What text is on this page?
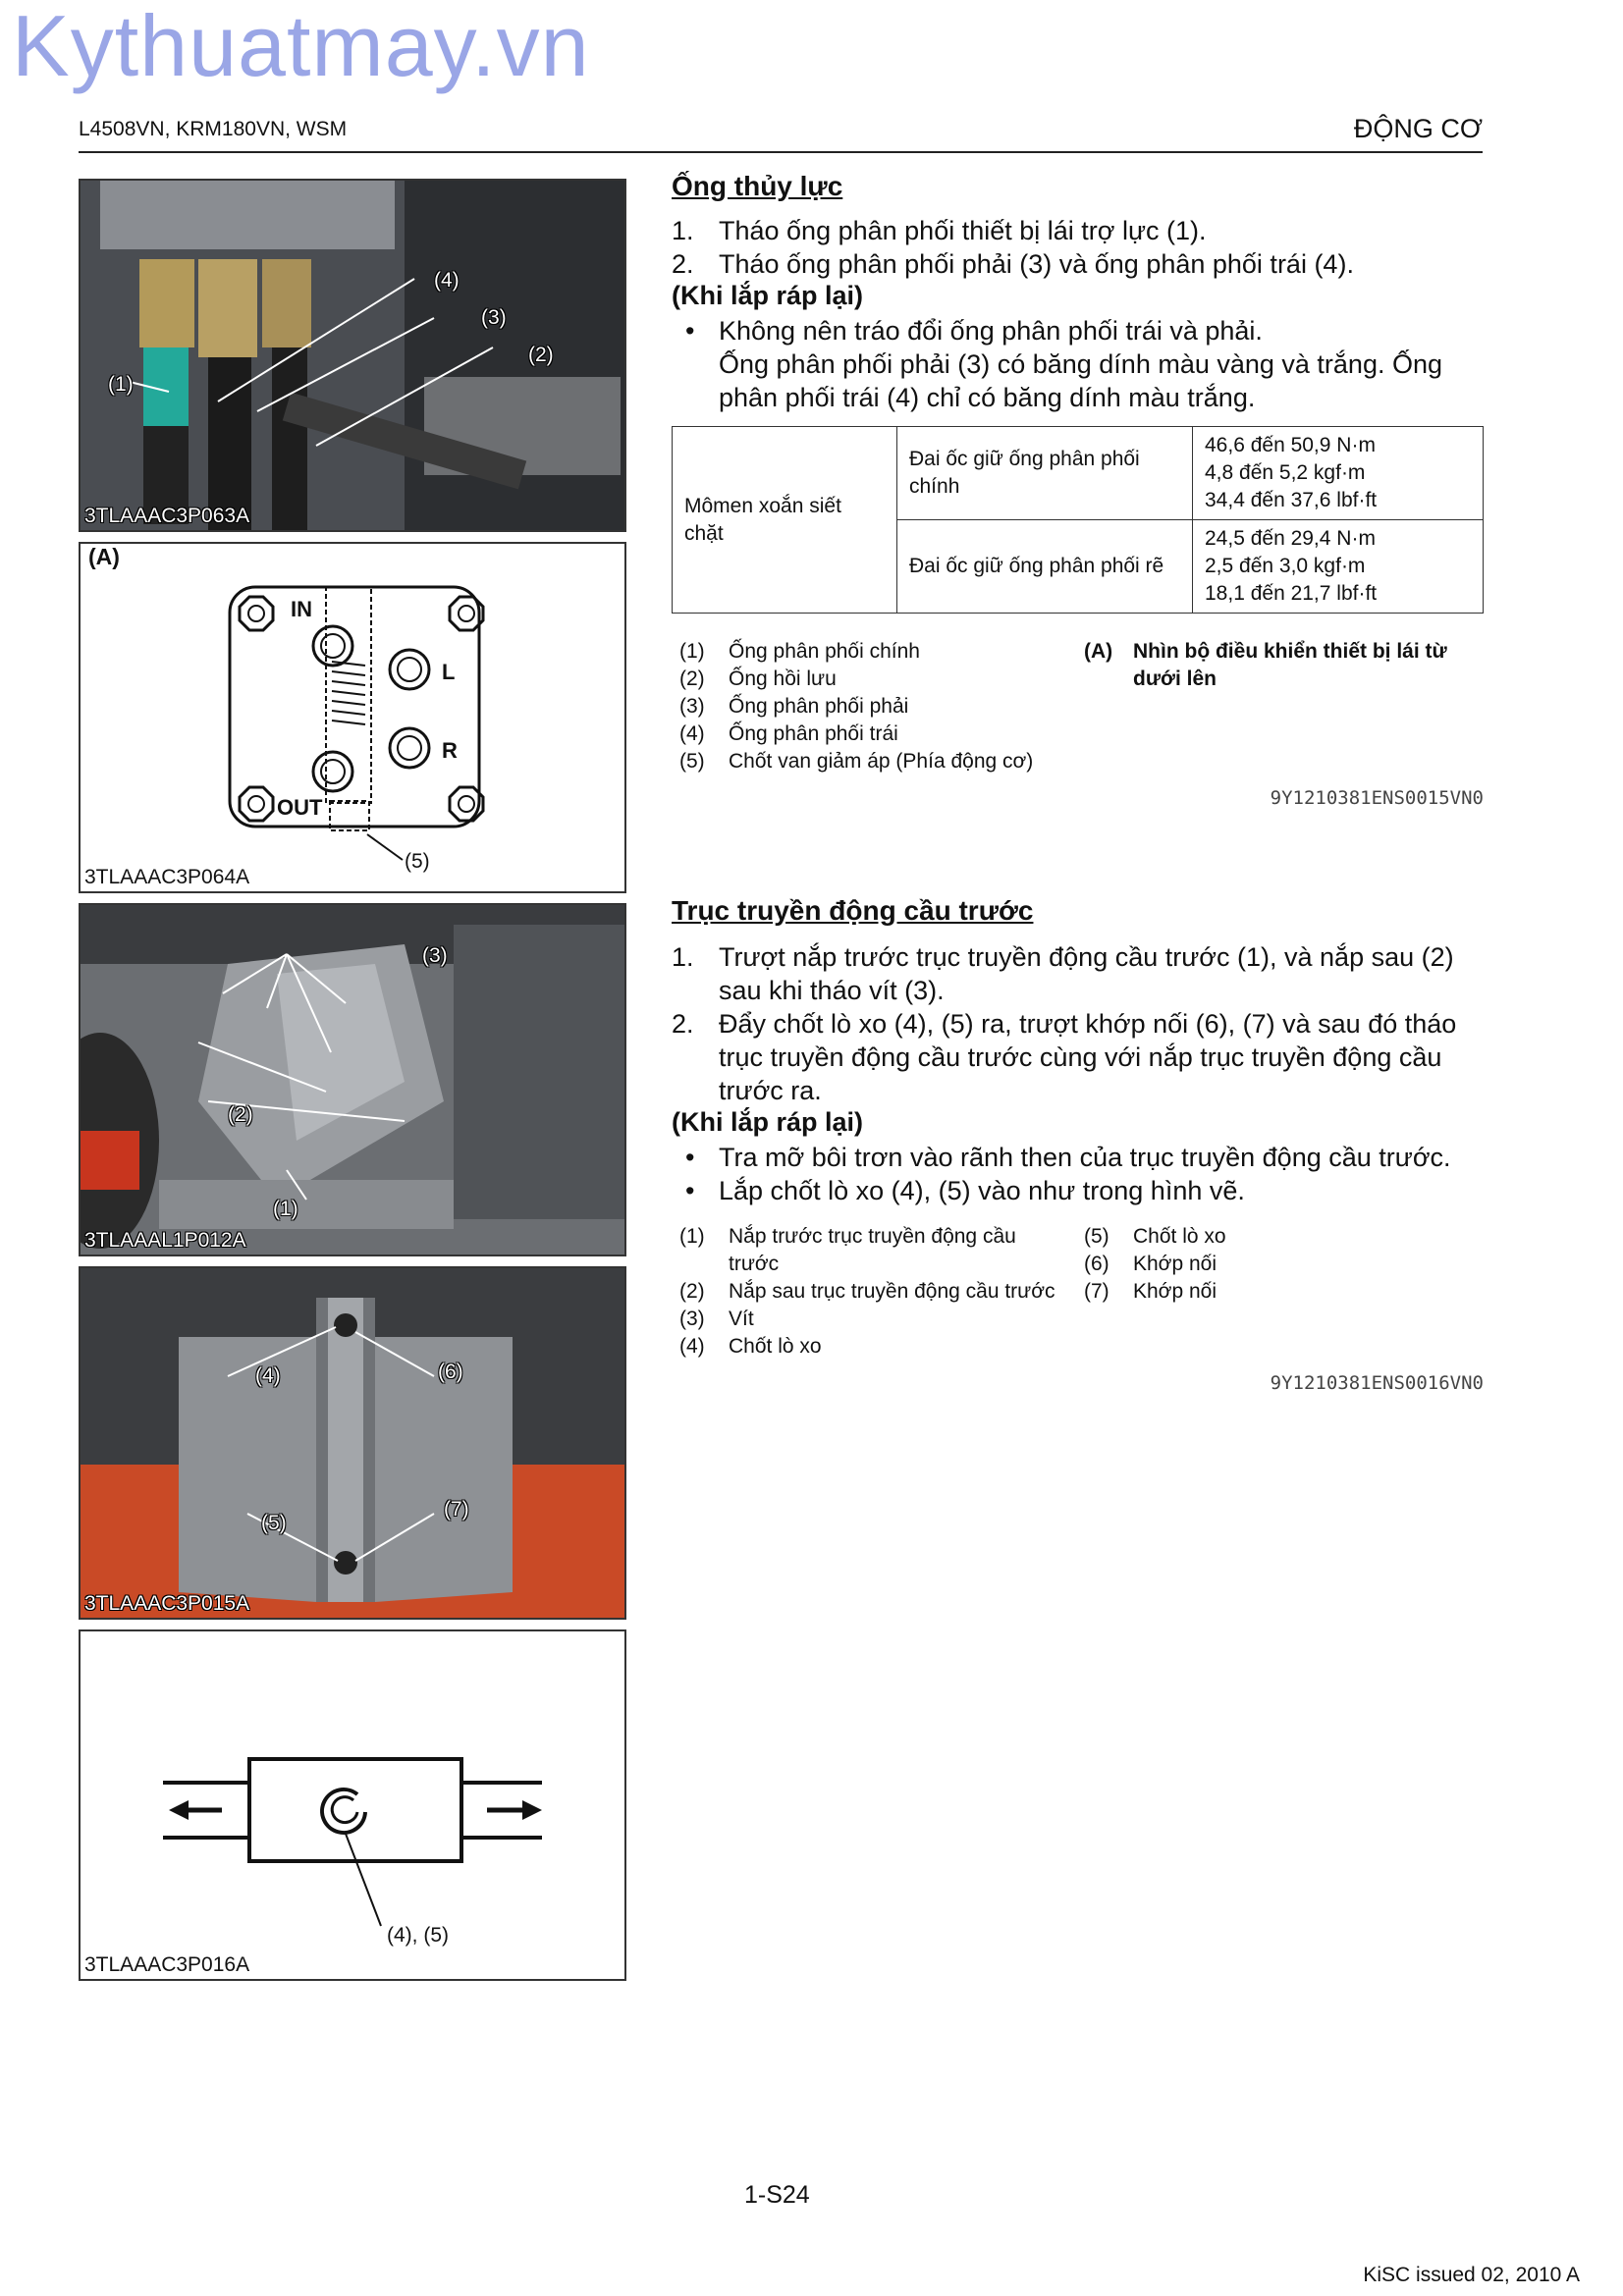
Kythuatmay.vn
L4508VN, KRM180VN, WSM	ĐỘNG CƠ
(4)
(3)
(2)
(1)
3TLAAAC3P063A
(A)
IN
L
R
OUT
(5)
3TLAAAC3P064A
(3)
(2)
(1)
3TLAAAL1P012A
(4)	(6)
(5)
(7)
3TLAAAC3P015A
(4), (5)
3TLAAAC3P016A
Ống thủy lực
1. Tháo ống phân phối thiết bị lái trợ lực (1).
2. Tháo ống phân phối phải (3) và ống phân phối trái (4).
(Khi lắp ráp lại)
• Không nên tráo đổi ống phân phối trái và phải.
Ống phân phối phải (3) có băng dính màu vàng và trắng. Ống phân phối trái (4) chỉ có băng dính màu trắng.
Mômen xoắn siết chặt	Đai ốc giữ ống phân phối chính	46,6 đến 50,9 N·m
4,8 đến 5,2 kgf·m
34,4 đến 37,6 lbf·ft

	Đai ốc giữ ống phân phối rẽ	24,5 đến 29,4 N·m
2,5 đến 3,0 kgf·m
18,1 đến 21,7 lbf·ft
(1) Ống phân phối chính
(2) Ống hồi lưu
(3) Ống phân phối phải
(4) Ống phân phối trái
(5) Chốt van giảm áp (Phía động cơ)
(A) Nhìn bộ điều khiển thiết bị lái từ dưới lên
9Y1210381ENS0015VN0
Trục truyền động cầu trước
1. Trượt nắp trước trục truyền động cầu trước (1), và nắp sau (2) sau khi tháo vít (3).
2. Đẩy chốt lò xo (4), (5) ra, trượt khớp nối (6), (7) và sau đó tháo trục truyền động cầu trước cùng với nắp trục truyền động cầu trước ra.
(Khi lắp ráp lại)
• Tra mỡ bôi trơn vào rãnh then của trục truyền động cầu trước.
• Lắp chốt lò xo (4), (5) vào như trong hình vẽ.
(1) Nắp trước trục truyền động cầu trước
(2) Nắp sau trục truyền động cầu trước
(3) Vít
(4) Chốt lò xo
(5) Chốt lò xo
(6) Khớp nối
(7) Khớp nối
9Y1210381ENS0016VN0
1-S24
KiSC issued 02, 2010 A
